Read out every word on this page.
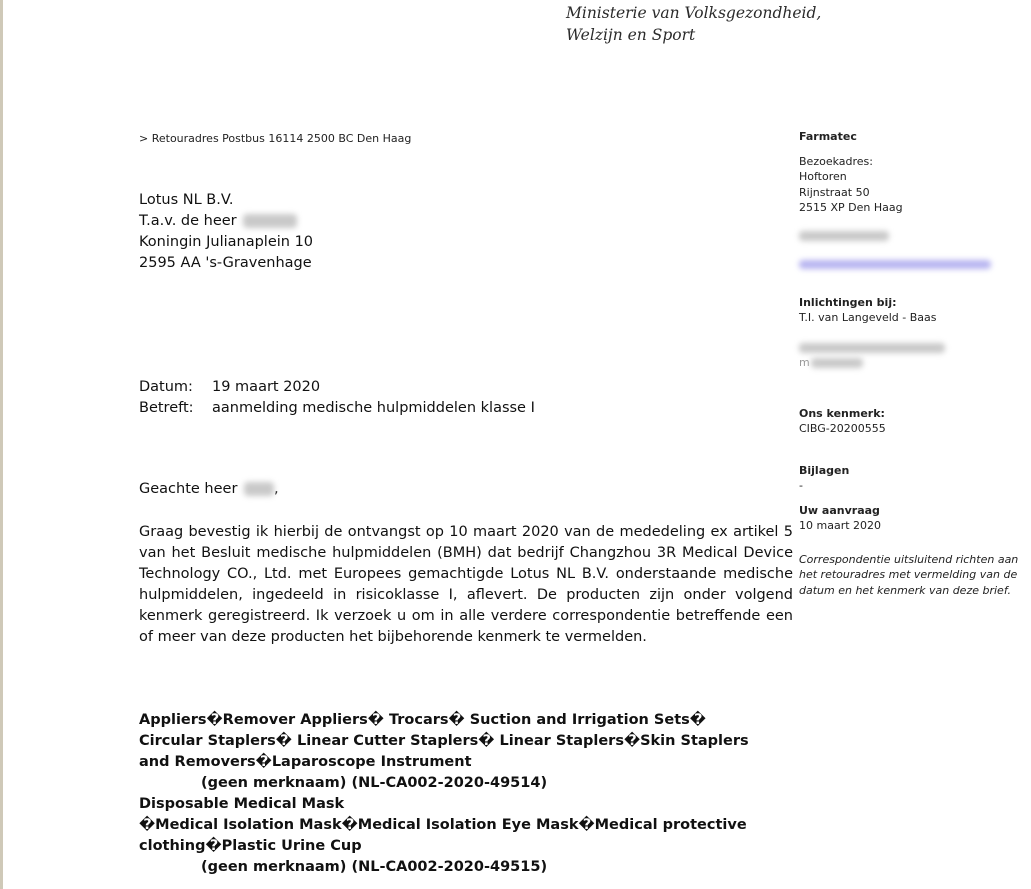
Ministerie van Volksgezondheid,
Welzijn en Sport
> Retouradres Postbus 16114 2500 BC Den Haag
Lotus NL B.V.
T.a.v. de heer
Koningin Julianaplein 10
2595 AA 's-Gravenhage
Datum: 19 maart 2020
Betreft: aanmelding medische hulpmiddelen klasse I
Geachte heer	,
Graag bevestig ik hierbij de ontvangst op 10 maart 2020 van de mededeling ex artikel 5 van het Besluit medische hulpmiddelen (BMH) dat bedrijf Changzhou 3R Medical Device Technology CO., Ltd. met Europees gemachtigde Lotus NL B.V. onderstaande medische hulpmiddelen, ingedeeld in risicoklasse I, aflevert. De producten zijn onder volgend kenmerk geregistreerd. Ik verzoek u om in alle verdere correspondentie betreffende een of meer van deze producten het bijbehorende kenmerk te vermelden.
Appliers�Remover Appliers� Trocars� Suction and Irrigation Sets�
Circular Staplers� Linear Cutter Staplers� Linear Staplers�Skin Staplers
and Removers�Laparoscope Instrument
(geen merknaam) (NL-CA002-2020-49514)
Disposable Medical Mask
�Medical Isolation Mask�Medical Isolation Eye Mask�Medical protective
clothing�Plastic Urine Cup
(geen merknaam) (NL-CA002-2020-49515)
Farmatec
Bezoekadres:
Hoftoren
Rijnstraat 50
2515 XP Den Haag
Inlichtingen bij:
T.I. van Langeveld - Baas
m
Ons kenmerk:
CIBG-20200555
Bijlagen
-
Uw aanvraag
10 maart 2020
Correspondentie uitsluitend richten aan het retouradres met vermelding van de datum en het kenmerk van deze brief.
